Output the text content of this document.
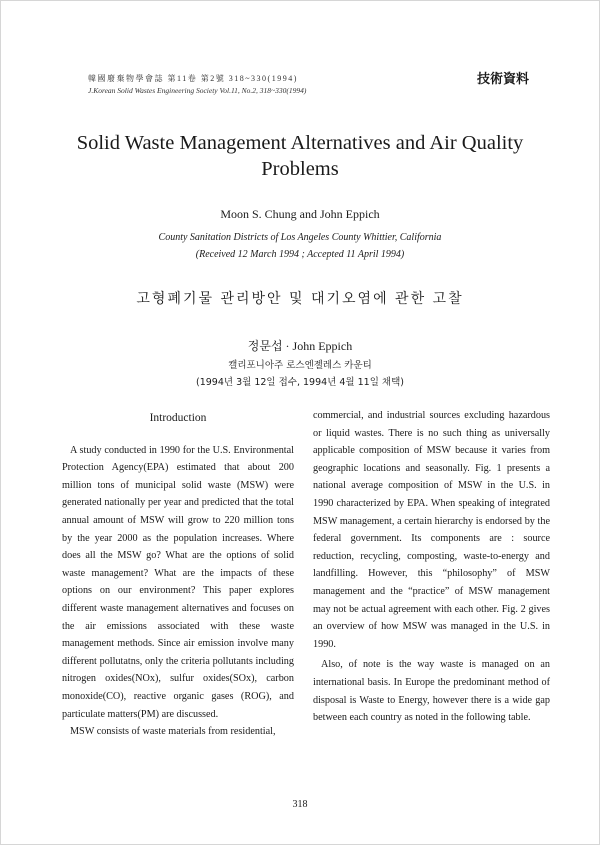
韓國廢棄物學會誌 第11卷 第2號 318~330(1994)
J.Korean Solid Wastes Engineering Society Vol.11, No.2, 318~330(1994)
技術資料
Solid Waste Management Alternatives and Air Quality Problems
Moon S. Chung and John Eppich
County Sanitation Districts of Los Angeles County Whittier, California
(Received 12 March 1994 ; Accepted 11 April 1994)
고형폐기물 관리방안 및 대기오염에 관한 고찰
정문섭 · John Eppich
캘리포니아주 로스엔젤레스 카운티
(1994년 3월 12일 접수, 1994년 4월 11일 채택)
Introduction

A study conducted in 1990 for the U.S. Environmental Protection Agency(EPA) estimated that about 200 million tons of municipal solid waste (MSW) were generated nationally per year and predicted that the total annual amount of MSW will grow to 220 million tons by the year 2000 as the population increases. Where does all the MSW go? What are the options of solid waste management? What are the impacts of these options on our environment? This paper explores different waste management alternatives and focuses on the air emissions associated with these waste management methods. Since air emission involve many different pollutatns, only the criteria pollutants including nitrogen oxides(NOx), sulfur oxides(SOx), carbon monoxide(CO), reactive organic gases (ROG), and particulate matters(PM) are discussed.

MSW consists of waste materials from residential,

commercial, and industrial sources excluding hazardous or liquid wastes. There is no such thing as universally applicable composition of MSW because it varies from geographic locations and seasonally. Fig. 1 presents a national average composition of MSW in the U.S. in 1990 characterized by EPA. When speaking of integrated MSW management, a certain hierarchy is endorsed by the federal government. Its components are : source reduction, recycling, composting, waste-to-energy and landfilling. However, this “philosophy” of MSW management and the “practice” of MSW management may not be actual agreement with each other. Fig. 2 gives an overview of how MSW was managed in the U.S. in 1990.

Also, of note is the way waste is managed on an international basis. In Europe the predominant method of disposal is Waste to Energy, however there is a wide gap between each country as noted in the following table.

318
